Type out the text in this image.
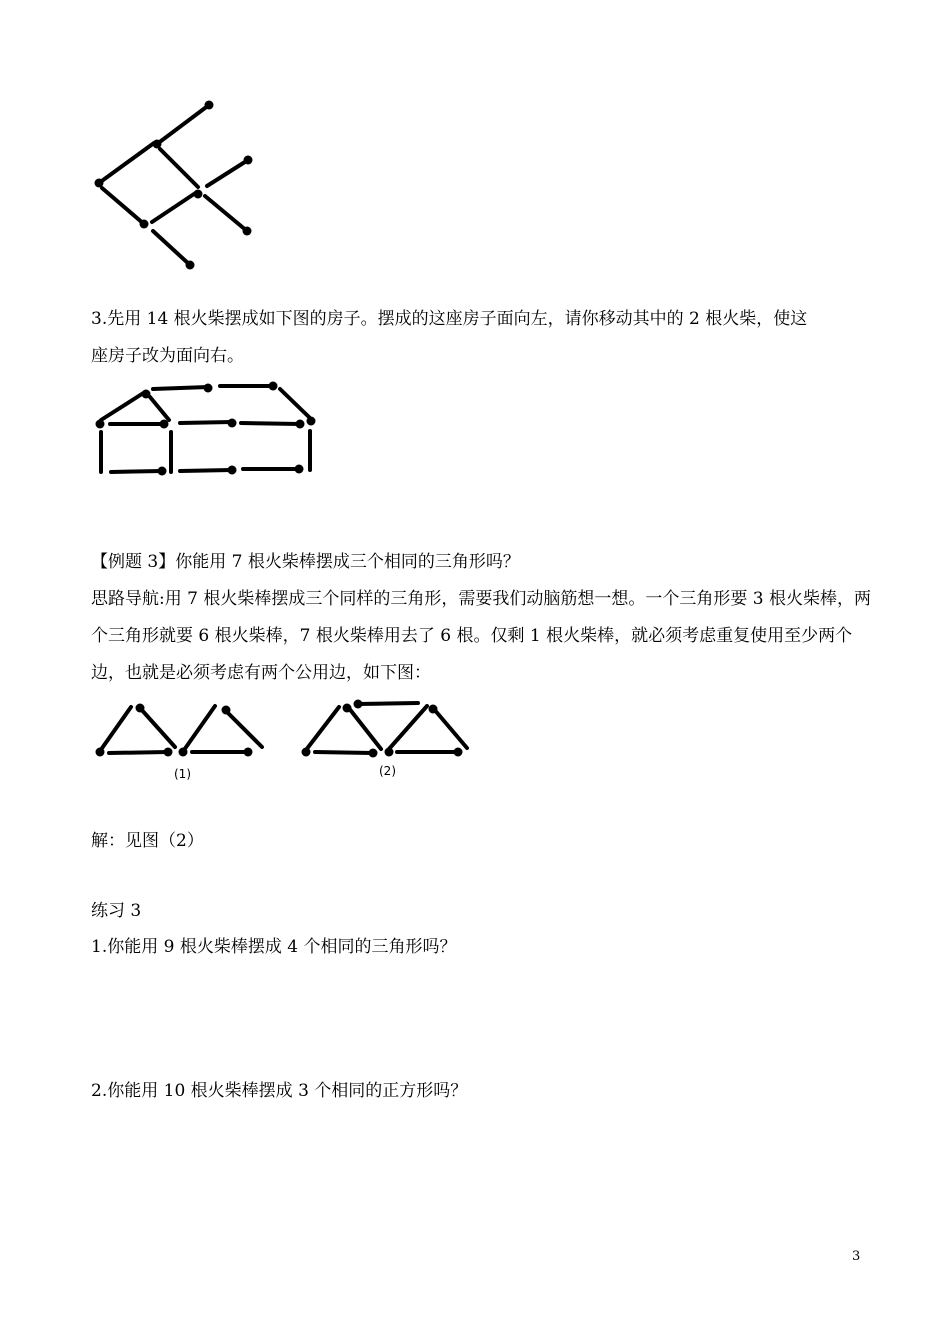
3.先用 14 根火柴摆成如下图的房子。摆成的这座房子面向左，请你移动其中的 2 根火柴，使这

座房子改为面向右。

【例题 3】你能用 7 根火柴棒摆成三个相同的三角形吗？

思路导航:用 7 根火柴棒摆成三个同样的三角形，需要我们动脑筋想一想。一个三角形要 3 根火柴棒，两个三角形就要 6 根火柴棒，7 根火柴棒用去了 6 根。仅剩 1 根火柴棒，就必须考虑重复使用至少两个边，也就是必须考虑有两个公用边，如下图：

(1)	(2)

解：见图（2）

练习 3

1.你能用 9 根火柴棒摆成 4 个相同的三角形吗？

2.你能用 10 根火柴棒摆成 3 个相同的正方形吗？

3
